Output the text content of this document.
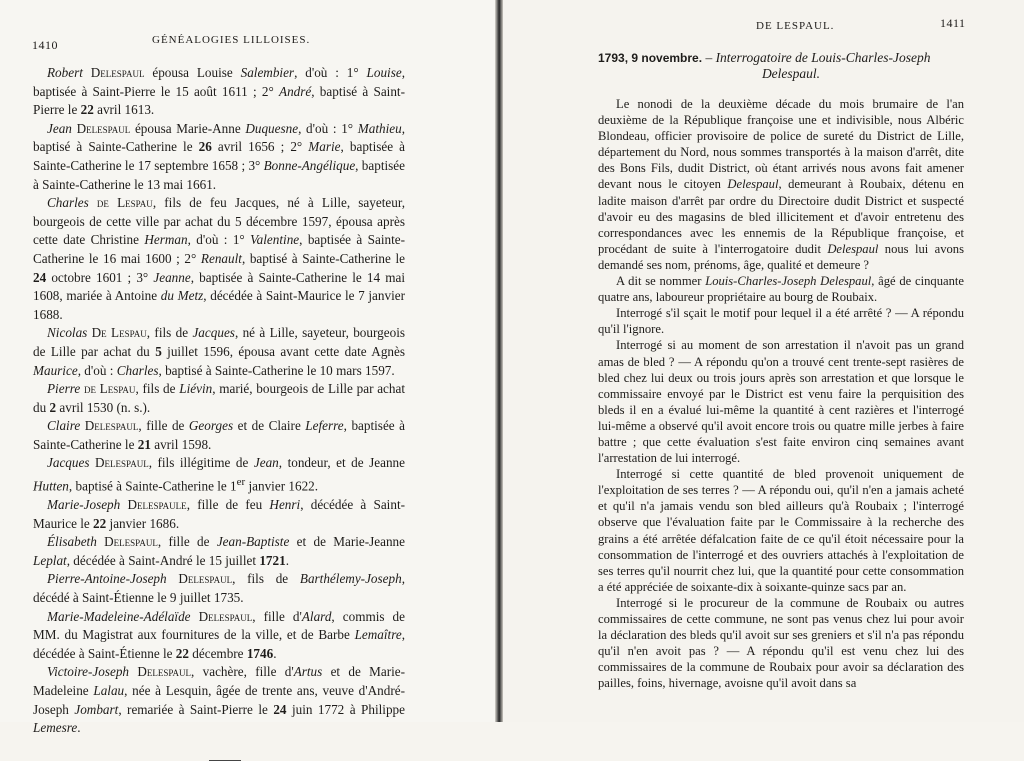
1410	GÉNÉALOGIES LILLOISES.

Robert Delespaul épousa Louise Salembier, d'où : 1° Louise, baptisée à Saint-Pierre le 15 août 1611 ; 2° André, baptisé à Saint-Pierre le 22 avril 1613.

Jean Delespaul épousa Marie-Anne Duquesne, d'où : 1° Mathieu, baptisé à Sainte-Catherine le 26 avril 1656 ; 2° Marie, baptisée à Sainte-Catherine le 17 septembre 1658 ; 3° Bonne-Angélique, baptisée à Sainte-Catherine le 13 mai 1661.

Charles de Lespau, fils de feu Jacques, né à Lille, sayeteur, bourgeois de cette ville par achat du 5 décembre 1597, épousa après cette date Christine Herman, d'où : 1° Valentine, baptisée à Sainte-Catherine le 16 mai 1600 ; 2° Renault, baptisé à Sainte-Catherine le 24 octobre 1601 ; 3° Jeanne, baptisée à Sainte-Catherine le 14 mai 1608, mariée à Antoine du Metz, décédée à Saint-Maurice le 7 janvier 1688.

Nicolas De Lespau, fils de Jacques, né à Lille, sayeteur, bourgeois de Lille par achat du 5 juillet 1596, épousa avant cette date Agnès Maurice, d'où : Charles, baptisé à Sainte-Catherine le 10 mars 1597.

Pierre de Lespau, fils de Liévin, marié, bourgeois de Lille par achat du 2 avril 1530 (n. s.).

Claire Delespaul, fille de Georges et de Claire Leferre, baptisée à Sainte-Catherine le 21 avril 1598.

Jacques Delespaul, fils illégitime de Jean, tondeur, et de Jeanne Hutten, baptisé à Sainte-Catherine le 1er janvier 1622.

Marie-Joseph Delespaule, fille de feu Henri, décédée à Saint-Maurice le 22 janvier 1686.

Élisabeth Delespaul, fille de Jean-Baptiste et de Marie-Jeanne Leplat, décédée à Saint-André le 15 juillet 1721.

Pierre-Antoine-Joseph Delespaul, fils de Barthélemy-Joseph, décédé à Saint-Étienne le 9 juillet 1735.

Marie-Madeleine-Adélaïde Delespaul, fille d'Alard, commis de MM. du Magistrat aux fournitures de la ville, et de Barbe Lemaître, décédée à Saint-Étienne le 22 décembre 1746.

Victoire-Joseph Delespaul, vachère, fille d'Artus et de Marie-Madeleine Lalau, née à Lesquin, âgée de trente ans, veuve d'André-Joseph Jombart, remariée à Saint-Pierre le 24 juin 1772 à Philippe Lemesre.

DE LESPAUL.	1411
1793, 9 novembre. – Interrogatoire de Louis-Charles-Joseph
Delespaul.

Le nonodi de la deuxième décade du mois brumaire de l'an deuxième de la République françoise une et indivisible, nous Albéric Blondeau, officier provisoire de police de sureté du District de Lille, département du Nord, nous sommes transportés à la maison d'arrêt, dite des Bons Fils, dudit District, où étant arrivés nous avons fait amener devant nous le citoyen Delespaul, demeurant à Roubaix, détenu en ladite maison d'arrêt par ordre du Directoire dudit District et suspecté d'avoir eu des magasins de bled illicitement et d'avoir entretenu des correspondances avec les ennemis de la République françoise, et procédant de suite à l'interrogatoire dudit Delespaul nous lui avons demandé ses nom, prénoms, âge, qualité et demeure ?

A dit se nommer Louis-Charles-Joseph Delespaul, âgé de cinquante quatre ans, laboureur propriétaire au bourg de Roubaix.

Interrogé s'il sçait le motif pour lequel il a été arrêté ? — A répondu qu'il l'ignore.

Interrogé si au moment de son arrestation il n'avoit pas un grand amas de bled ? — A répondu qu'on a trouvé cent trente-sept rasières de bled chez lui deux ou trois jours après son arrestation et que lorsque le commissaire envoyé par le District est venu faire la perquisition des bleds il en a évalué lui-même la quantité à cent razières et l'interrogé lui-même a observé qu'il avoit encore trois ou quatre mille jerbes à faire battre ; que cette évaluation s'est faite environ cinq semaines avant l'arrestation de lui interrogé.

Interrogé si cette quantité de bled provenoit uniquement de l'exploitation de ses terres ? — A répondu oui, qu'il n'en a jamais acheté et qu'il n'a jamais vendu son bled ailleurs qu'à Roubaix ; l'interrogé observe que l'évaluation faite par le Commissaire à la recherche des grains a été arrêtée défalcation faite de ce qu'il étoit nécessaire pour la consommation de l'interrogé et des ouvriers attachés à l'exploitation de ses terres qu'il nourrit chez lui, que la quantité pour cette consommation a été appréciée de soixante-dix à soixante-quinze sacs par an.

Interrogé si le procureur de la commune de Roubaix ou autres commissaires de cette commune, ne sont pas venus chez lui pour avoir la déclaration des bleds qu'il avoit sur ses greniers et s'il n'a pas répondu qu'il n'en avoit pas ? — A répondu qu'il est venu chez lui des commissaires de la commune de Roubaix pour avoir sa déclaration des pailles, foins, hivernage, avoisne qu'il avoit dans sa
